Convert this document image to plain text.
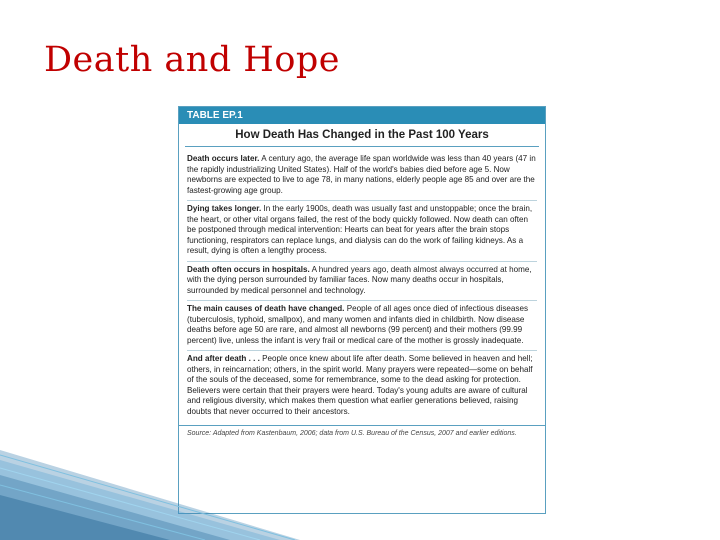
Death and Hope
TABLE EP.1
How Death Has Changed in the Past 100 Years
Death occurs later. A century ago, the average life span worldwide was less than 40 years (47 in the rapidly industrializing United States). Half of the world's babies died before age 5. Now newborns are expected to live to age 78, in many nations, elderly people age 85 and over are the fastest-growing age group.
Dying takes longer. In the early 1900s, death was usually fast and unstoppable; once the brain, the heart, or other vital organs failed, the rest of the body quickly followed. Now death can often be postponed through medical intervention: Hearts can beat for years after the brain stops functioning, respirators can replace lungs, and dialysis can do the work of failing kidneys. As a result, dying is often a lengthy process.
Death often occurs in hospitals. A hundred years ago, death almost always occurred at home, with the dying person surrounded by familiar faces. Now many deaths occur in hospitals, surrounded by medical personnel and technology.
The main causes of death have changed. People of all ages once died of infectious diseases (tuberculosis, typhoid, smallpox), and many women and infants died in childbirth. Now disease deaths before age 50 are rare, and almost all newborns (99 percent) and their mothers (99.99 percent) live, unless the infant is very frail or medical care of the mother is grossly inadequate.
And after death . . . People once knew about life after death. Some believed in heaven and hell; others, in reincarnation; others, in the spirit world. Many prayers were repeated—some on behalf of the souls of the deceased, some for remembrance, some to the dead asking for protection. Believers were certain that their prayers were heard. Today's young adults are aware of cultural and religious diversity, which makes them question what earlier generations believed, raising doubts that never occurred to their ancestors.
Source: Adapted from Kastenbaum, 2006; data from U.S. Bureau of the Census, 2007 and earlier editions.
